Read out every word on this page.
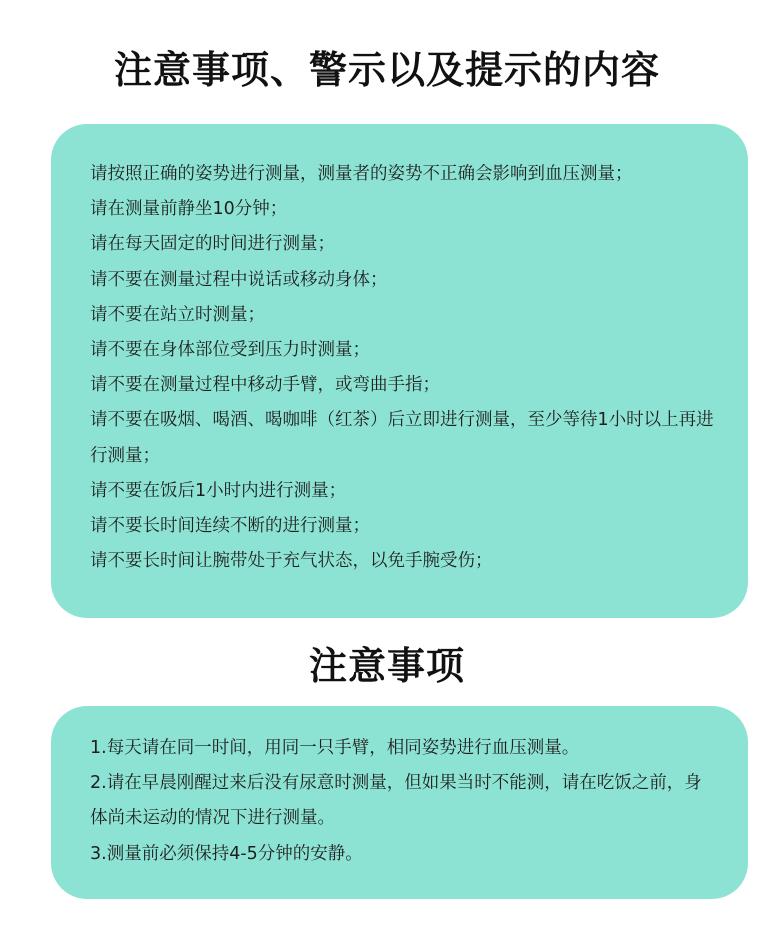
注意事项、警示以及提示的内容
请按照正确的姿势进行测量，测量者的姿势不正确会影响到血压测量；
请在测量前静坐10分钟；
请在每天固定的时间进行测量；
请不要在测量过程中说话或移动身体；
请不要在站立时测量；
请不要在身体部位受到压力时测量；
请不要在测量过程中移动手臂，或弯曲手指；
请不要在吸烟、喝酒、喝咖啡（红茶）后立即进行测量，至少等待1小时以上再进行测量；
请不要在饭后1小时内进行测量；
请不要长时间连续不断的进行测量；
请不要长时间让腕带处于充气状态，以免手腕受伤；
注意事项
1.每天请在同一时间，用同一只手臂，相同姿势进行血压测量。
2.请在早晨刚醒过来后没有尿意时测量，但如果当时不能测，请在吃饭之前，身体尚未运动的情况下进行测量。
3.测量前必须保持4-5分钟的安静。
